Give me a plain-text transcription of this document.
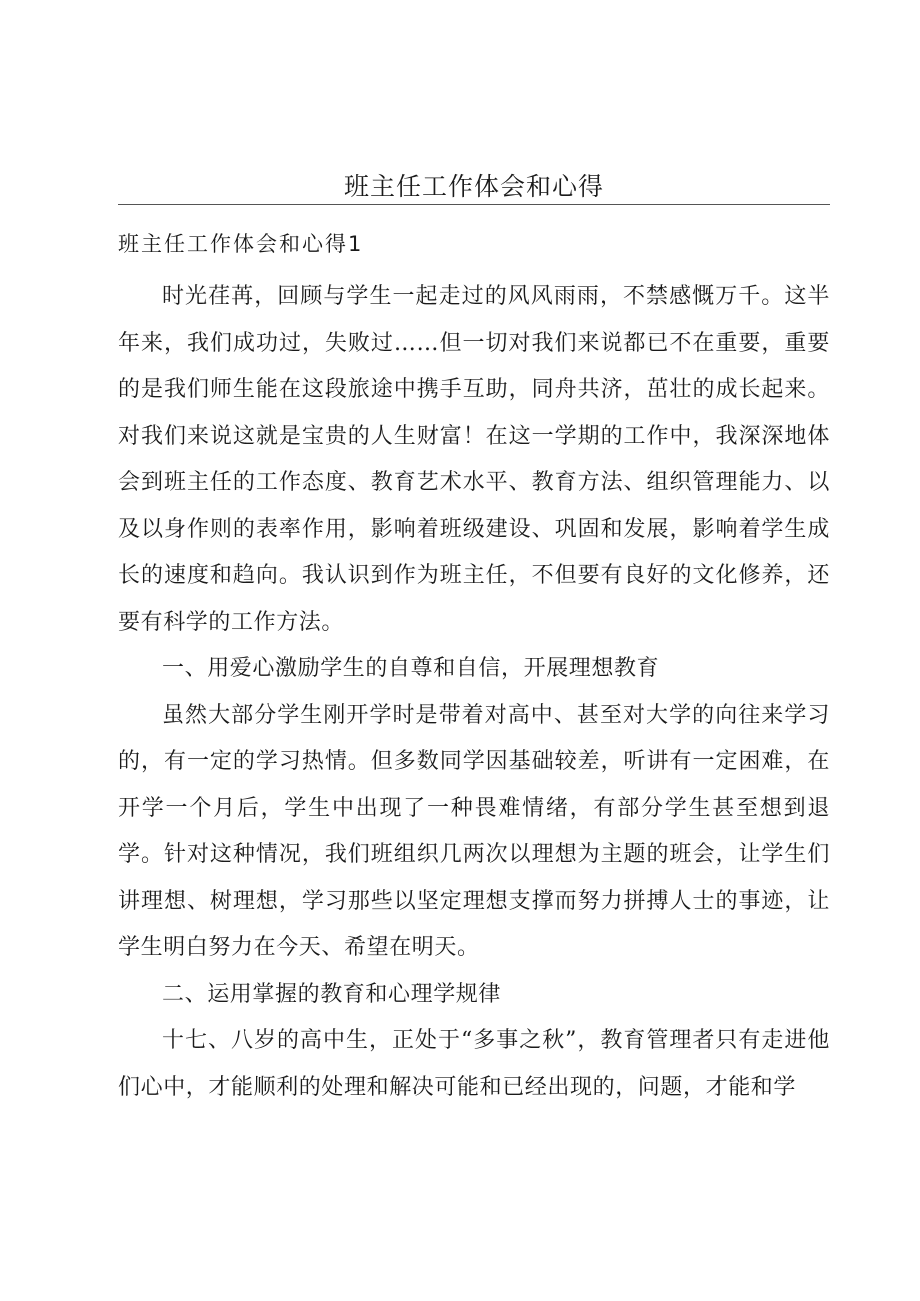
班主任工作体会和心得
班主任工作体会和心得1

时光荏苒，回顾与学生一起走过的风风雨雨，不禁感慨万千。这半年来，我们成功过，失败过……但一切对我们来说都已不在重要，重要的是我们师生能在这段旅途中携手互助，同舟共济，茁壮的成长起来。对我们来说这就是宝贵的人生财富！在这一学期的工作中，我深深地体会到班主任的工作态度、教育艺术水平、教育方法、组织管理能力、以及以身作则的表率作用，影响着班级建设、巩固和发展，影响着学生成长的速度和趋向。我认识到作为班主任，不但要有良好的文化修养，还要有科学的工作方法。

一、用爱心激励学生的自尊和自信，开展理想教育

虽然大部分学生刚开学时是带着对高中、甚至对大学的向往来学习的，有一定的学习热情。但多数同学因基础较差，听讲有一定困难，在开学一个月后，学生中出现了一种畏难情绪，有部分学生甚至想到退学。针对这种情况，我们班组织几两次以理想为主题的班会，让学生们讲理想、树理想，学习那些以坚定理想支撑而努力拼搏人士的事迹，让学生明白努力在今天、希望在明天。

二、运用掌握的教育和心理学规律

十七、八岁的高中生，正处于“多事之秋”，教育管理者只有走进他们心中，才能顺利的处理和解决可能和已经出现的，问题，才能和学
